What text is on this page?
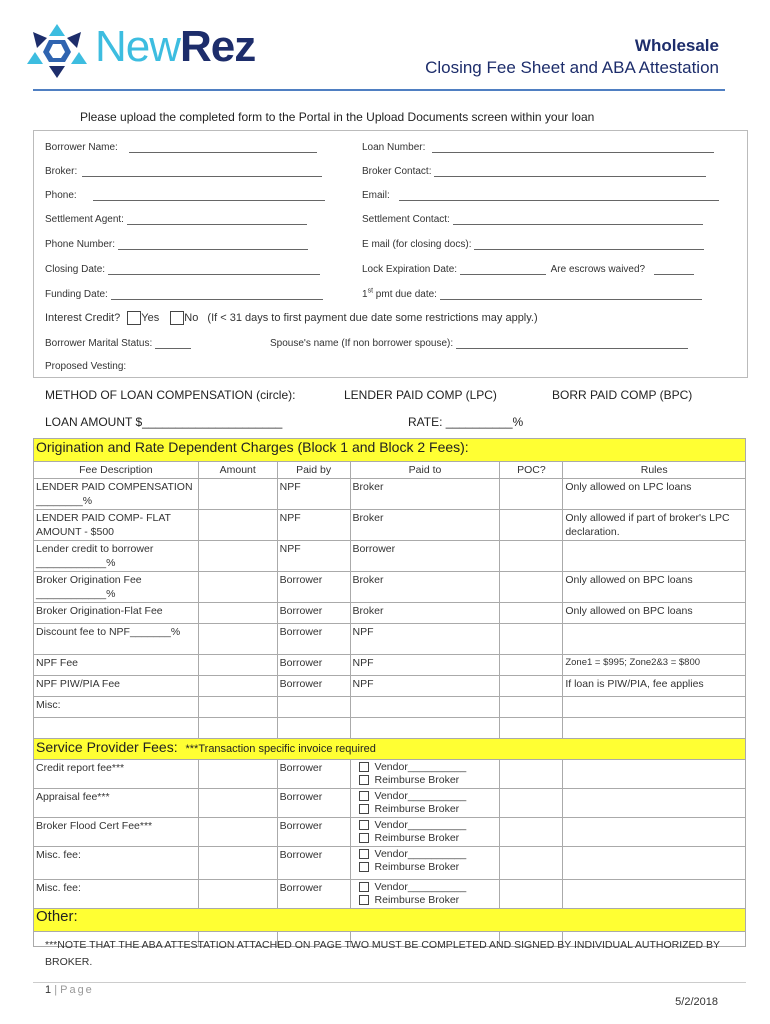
NewRez	Wholesale
Closing Fee Sheet and ABA Attestation
Please upload the completed form to the Portal in the Upload Documents screen within your loan
Borrower Name:	Loan Number:
Broker:	Broker Contact:
Phone:	Email:
Settlement Agent:	Settlement Contact:
Phone Number:	E mail (for closing docs):
Closing Date:	Lock Expiration Date:	Are escrows waived?
Funding Date:	1st pmt due date:
Interest Credit? Yes No (If < 31 days to first payment due date some restrictions may apply.)
Borrower Marital Status:	Spouse's name (If non borrower spouse):
Proposed Vesting:
METHOD OF LOAN COMPENSATION (circle):	LENDER PAID COMP (LPC)	BORR PAID COMP (BPC)
LOAN AMOUNT $_____________________	RATE: __________%
Origination and Rate Dependent Charges (Block 1 and Block 2 Fees):					
Fee Description	Amount	Paid by	Paid to	POC?	Rules
LENDER PAID COMPENSATION ________%		NPF	Broker		Only allowed on LPC loans
LENDER PAID COMP- FLAT AMOUNT - $500		NPF	Broker		Only allowed if part of broker's LPC declaration.
Lender credit to borrower ____________%		NPF	Borrower		
Broker Origination Fee ____________%		Borrower	Broker		Only allowed on BPC loans
Broker Origination-Flat Fee		Borrower	Broker		Only allowed on BPC loans
Discount fee to NPF_______%		Borrower	NPF		
NPF Fee		Borrower	NPF		Zone1 = $995; Zone2&3 = $800
NPF PIW/PIA Fee		Borrower	NPF		If loan is PIW/PIA, fee applies
Misc:					

Service Provider Fees: ***Transaction specific invoice required					
Credit report fee***		Borrower	Vendor__________
Reimburse Broker		

Appraisal fee***		Borrower	Vendor__________
Reimburse Broker		

Broker Flood Cert Fee***		Borrower	Vendor__________
Reimburse Broker		

Misc. fee:		Borrower	Vendor__________
Reimburse Broker		

Misc. fee:		Borrower	Vendor__________
Reimburse Broker		

Other:					

***NOTE THAT THE ABA ATTESTATION ATTACHED ON PAGE TWO MUST BE COMPLETED AND SIGNED BY INDIVIDUAL AUTHORIZED BY BROKER.
1 | Page
5/2/2018
